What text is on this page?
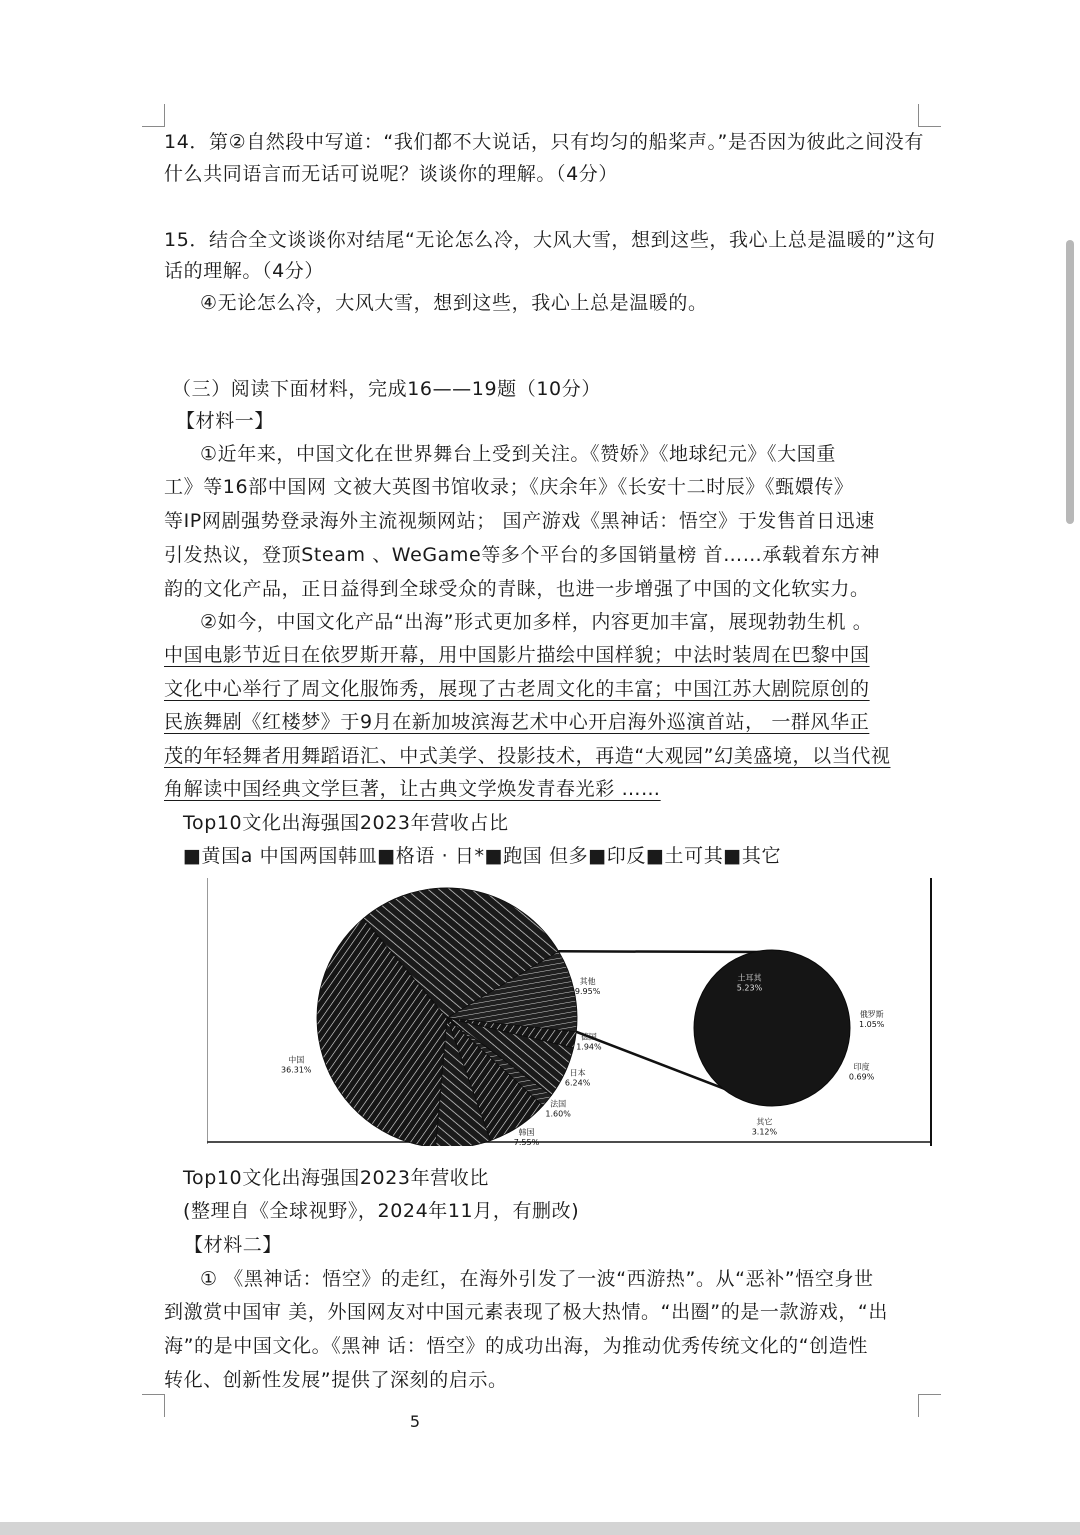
14．第②自然段中写道：“我们都不大说话，只有均匀的船桨声。”是否因为彼此之间没有
什么共同语言而无话可说呢？谈谈你的理解。（4分）
15．结合全文谈谈你对结尾“无论怎么冷，大风大雪，想到这些，我心上总是温暖的”这句
话的理解。（4分）
④无论怎么冷，大风大雪，想到这些，我心上总是温暖的。
（三）阅读下面材料，完成16——19题（10分）
【材料一】
①近年来，中国文化在世界舞台上受到关注。《赞娇》《地球纪元》《大国重
工》等16部中国网 文被大英图书馆收录；《庆余年》《长安十二时辰》《甄嬛传》
等IP网剧强势登录海外主流视频网站； 国产游戏《黑神话：悟空》于发售首日迅速
引发热议，登顶Steam 、WeGame等多个平台的多国销量榜 首……承载着东方神
韵的文化产品，正日益得到全球受众的青睐，也进一步增强了中国的文化软实力。
②如今，中国文化产品“出海”形式更加多样，内容更加丰富，展现勃勃生机 。
中国电影节近日在依罗斯开幕，用中国影片描绘中国样貌；中法时装周在巴黎中国
文化中心举行了周文化服饰秀，展现了古老周文化的丰富；中国江苏大剧院原创的
民族舞剧《红楼梦》于9月在新加坡滨海艺术中心开启海外巡演首站， 一群风华正
茂的年轻舞者用舞蹈语汇、中式美学、投影技术，再造“大观园”幻美盛境，以当代视
角解读中国经典文学巨著，让古典文学焕发青春光彩 ……
Top10文化出海强国2023年营收占比
■黄国a 中国两国韩皿■格语 · 日*■跑国 但多■印反■土可其■其它
中国
36.31%
其他
9.95%
德国
1.94%
日本
6.24%
法国
1.60%
韩国
7.55%
土耳其
5.23%
俄罗斯
1.05%
印度
0.69%
其它
3.12%
Top10文化出海强国2023年营收比
(整理自《全球视野》，2024年11月，有删改)
【材料二】
① 《黑神话：悟空》的走红，在海外引发了一波“西游热”。从“恶补”悟空身世
到激赏中国审 美，外国网友对中国元素表现了极大热情。“出圈”的是一款游戏，“出
海”的是中国文化。《黑神 话：悟空》的成功出海，为推动优秀传统文化的“创造性
转化、创新性发展”提供了深刻的启示。
5
